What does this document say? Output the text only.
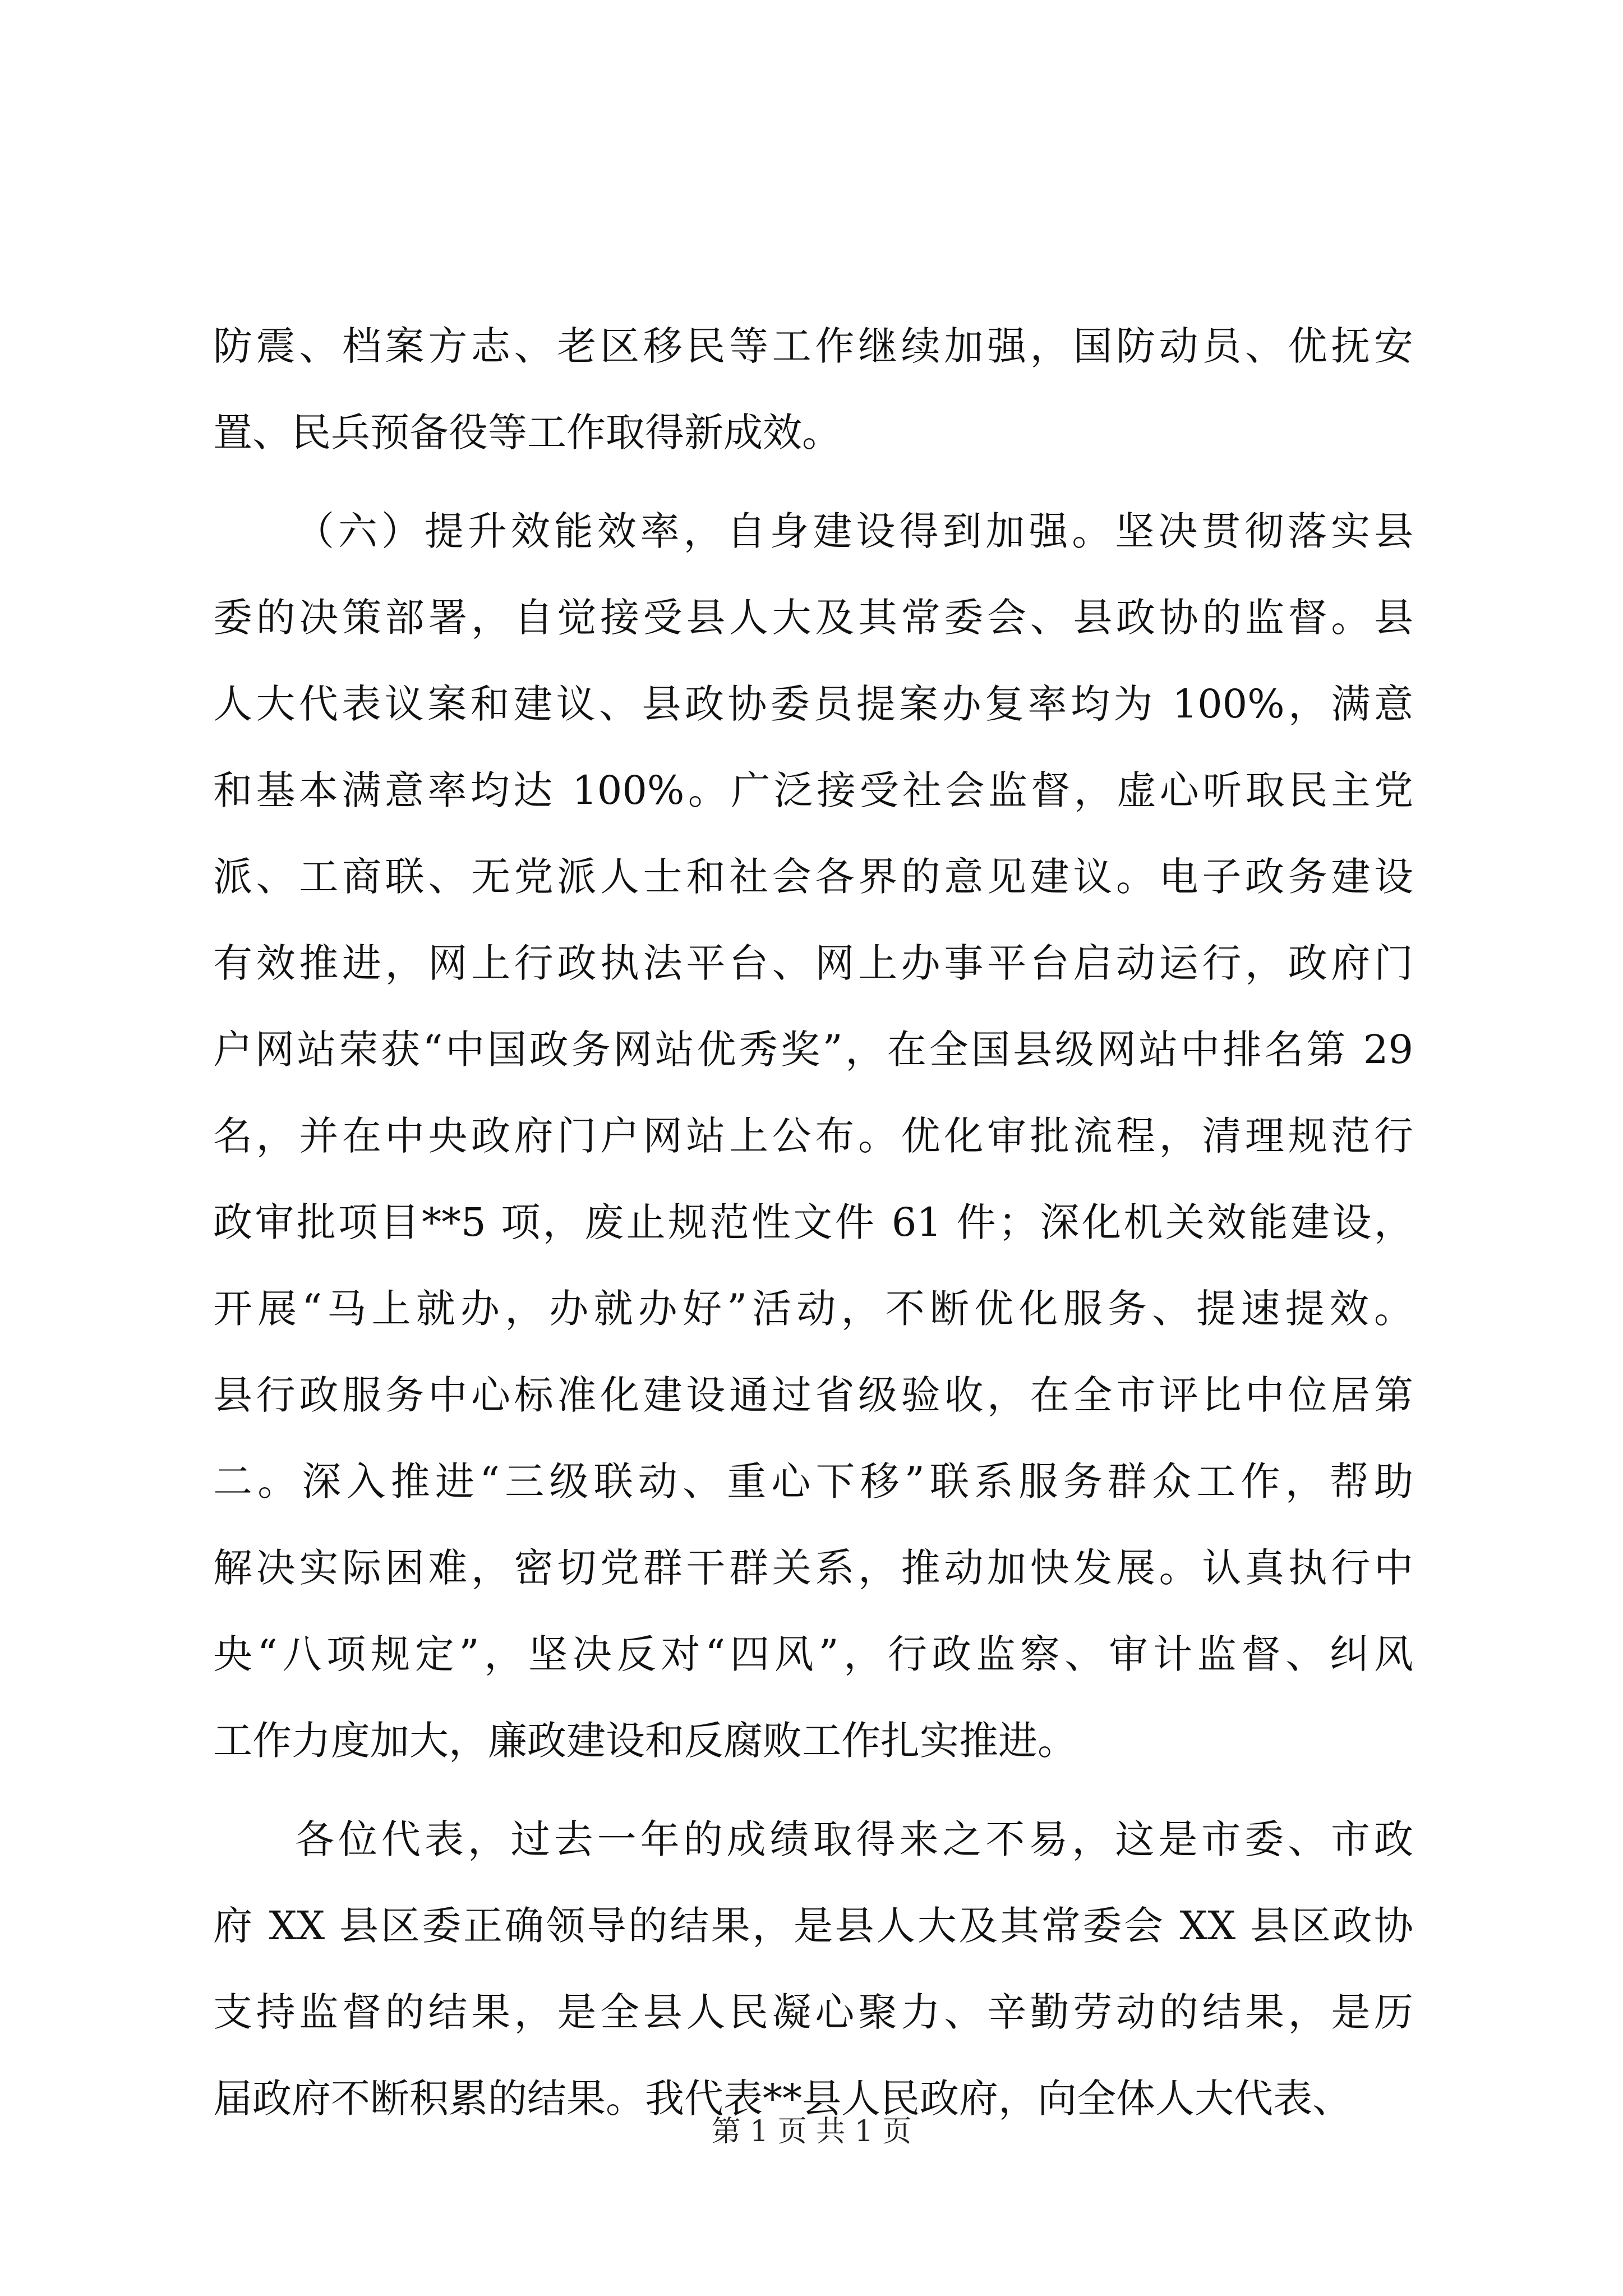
防震、档案方志、老区移民等工作继续加强，国防动员、优抚安
置、民兵预备役等工作取得新成效。
（六）提升效能效率，自身建设得到加强。坚决贯彻落实县
委的决策部署，自觉接受县人大及其常委会、县政协的监督。县
人大代表议案和建议、县政协委员提案办复率均为 100%，满意
和基本满意率均达 100%。广泛接受社会监督，虚心听取民主党
派、工商联、无党派人士和社会各界的意见建议。电子政务建设
有效推进，网上行政执法平台、网上办事平台启动运行，政府门
户网站荣获“中国政务网站优秀奖”，在全国县级网站中排名第 29
名，并在中央政府门户网站上公布。优化审批流程，清理规范行
政审批项目**5 项，废止规范性文件 61 件；深化机关效能建设，
开展“马上就办，办就办好”活动，不断优化服务、提速提效。
县行政服务中心标准化建设通过省级验收，在全市评比中位居第
二。深入推进“三级联动、重心下移”联系服务群众工作，帮助
解决实际困难，密切党群干群关系，推动加快发展。认真执行中
央“八项规定”，坚决反对“四风”，行政监察、审计监督、纠风
工作力度加大，廉政建设和反腐败工作扎实推进。
各位代表，过去一年的成绩取得来之不易，这是市委、市政
府 XX 县区委正确领导的结果，是县人大及其常委会 XX 县区政协
支持监督的结果，是全县人民凝心聚力、辛勤劳动的结果，是历
届政府不断积累的结果。我代表**县人民政府，向全体人大代表、
第 1 页 共 1 页
